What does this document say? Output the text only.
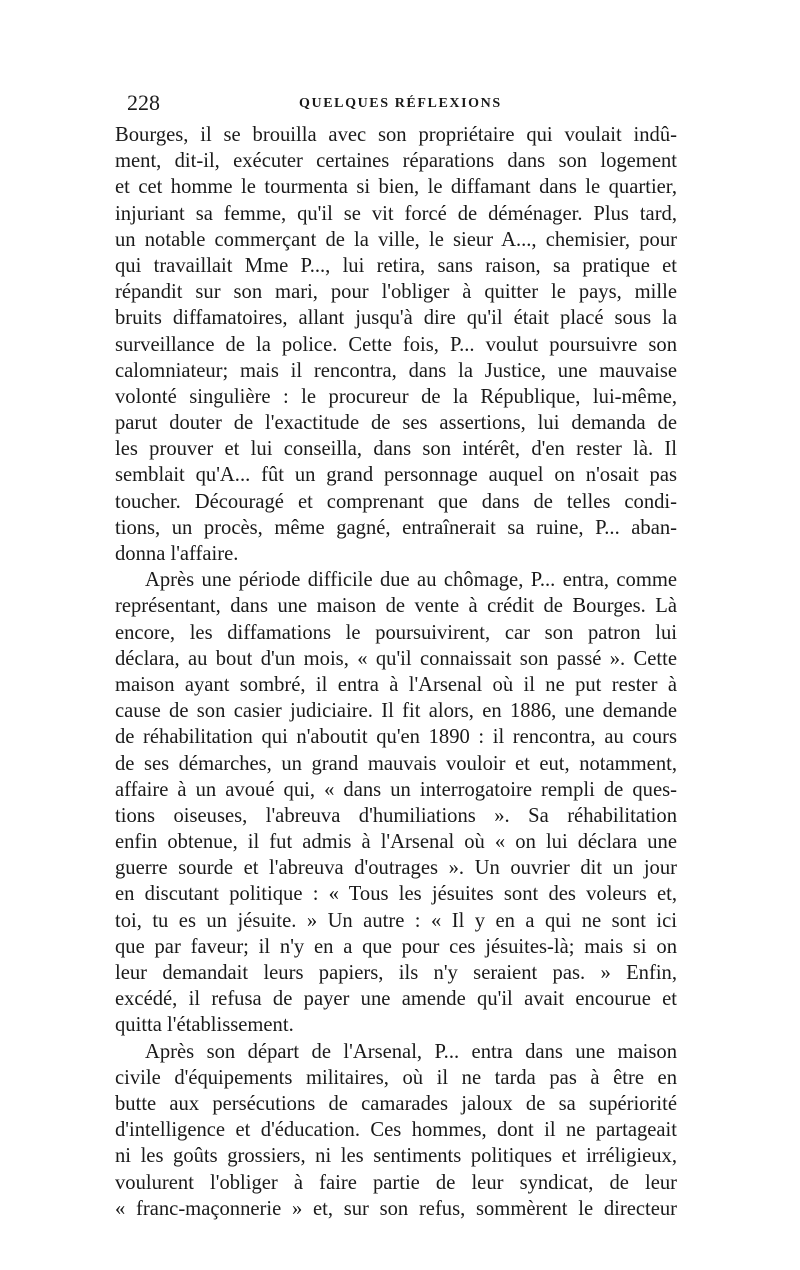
228	QUELQUES RÉFLEXIONS
Bourges, il se brouilla avec son propriétaire qui voulait indû-
ment, dit-il, exécuter certaines réparations dans son logement
et cet homme le tourmenta si bien, le diffamant dans le quartier,
injuriant sa femme, qu'il se vit forcé de déménager. Plus tard,
un notable commerçant de la ville, le sieur A..., chemisier, pour
qui travaillait Mme P..., lui retira, sans raison, sa pratique et
répandit sur son mari, pour l'obliger à quitter le pays, mille
bruits diffamatoires, allant jusqu'à dire qu'il était placé sous la
surveillance de la police. Cette fois, P... voulut poursuivre son
calomniateur; mais il rencontra, dans la Justice, une mauvaise
volonté singulière : le procureur de la République, lui-même,
parut douter de l'exactitude de ses assertions, lui demanda de
les prouver et lui conseilla, dans son intérêt, d'en rester là. Il
semblait qu'A... fût un grand personnage auquel on n'osait pas
toucher. Découragé et comprenant que dans de telles condi-
tions, un procès, même gagné, entraînerait sa ruine, P... aban-
donna l'affaire.
Après une période difficile due au chômage, P... entra, comme
représentant, dans une maison de vente à crédit de Bourges. Là
encore, les diffamations le poursuivirent, car son patron lui
déclara, au bout d'un mois, « qu'il connaissait son passé ». Cette
maison ayant sombré, il entra à l'Arsenal où il ne put rester à
cause de son casier judiciaire. Il fit alors, en 1886, une demande
de réhabilitation qui n'aboutit qu'en 1890 : il rencontra, au cours
de ses démarches, un grand mauvais vouloir et eut, notamment,
affaire à un avoué qui, « dans un interrogatoire rempli de ques-
tions oiseuses, l'abreuva d'humiliations ». Sa réhabilitation
enfin obtenue, il fut admis à l'Arsenal où « on lui déclara une
guerre sourde et l'abreuva d'outrages ». Un ouvrier dit un jour
en discutant politique : « Tous les jésuites sont des voleurs et,
toi, tu es un jésuite. » Un autre : « Il y en a qui ne sont ici
que par faveur; il n'y en a que pour ces jésuites-là; mais si on
leur demandait leurs papiers, ils n'y seraient pas. » Enfin,
excédé, il refusa de payer une amende qu'il avait encourue et
quitta l'établissement.
Après son départ de l'Arsenal, P... entra dans une maison
civile d'équipements militaires, où il ne tarda pas à être en
butte aux persécutions de camarades jaloux de sa supériorité
d'intelligence et d'éducation. Ces hommes, dont il ne partageait
ni les goûts grossiers, ni les sentiments politiques et irréligieux,
voulurent l'obliger à faire partie de leur syndicat, de leur
« franc-maçonnerie » et, sur son refus, sommèrent le directeur
